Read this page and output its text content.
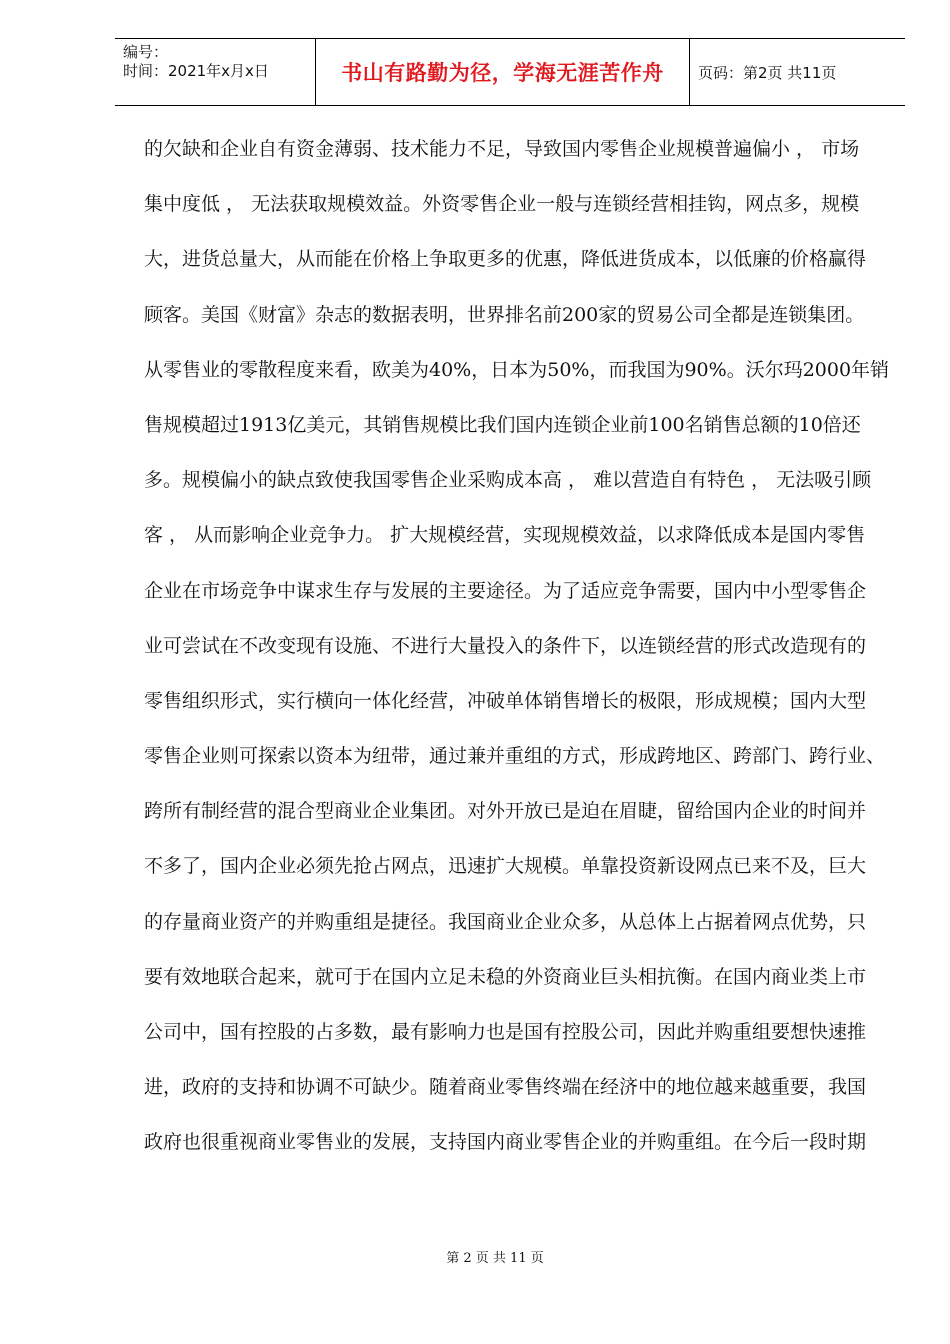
编号：
时间：2021年x月x日	书山有路勤为径，学海无涯苦作舟	页码：第2页 共11页
的欠缺和企业自有资金薄弱、技术能力不足，导致国内零售企业规模普遍偏小 ， 市场
集中度低 ， 无法获取规模效益。外资零售企业一般与连锁经营相挂钩，网点多，规模
大，进货总量大，从而能在价格上争取更多的优惠，降低进货成本，以低廉的价格赢得
顾客。美国《财富》杂志的数据表明，世界排名前200家的贸易公司全都是连锁集团。
从零售业的零散程度来看，欧美为40%，日本为50%，而我国为90%。沃尔玛2000年销
售规模超过1913亿美元，其销售规模比我们国内连锁企业前100名销售总额的10倍还
多。规模偏小的缺点致使我国零售企业采购成本高 ， 难以营造自有特色 ， 无法吸引顾
客 ， 从而影响企业竞争力。 扩大规模经营，实现规模效益，以求降低成本是国内零售
企业在市场竞争中谋求生存与发展的主要途径。为了适应竞争需要，国内中小型零售企
业可尝试在不改变现有设施、不进行大量投入的条件下，以连锁经营的形式改造现有的
零售组织形式，实行横向一体化经营，冲破单体销售增长的极限，形成规模；国内大型
零售企业则可探索以资本为纽带，通过兼并重组的方式，形成跨地区、跨部门、跨行业、
跨所有制经营的混合型商业企业集团。对外开放已是迫在眉睫，留给国内企业的时间并
不多了，国内企业必须先抢占网点，迅速扩大规模。单靠投资新设网点已来不及，巨大
的存量商业资产的并购重组是捷径。我国商业企业众多，从总体上占据着网点优势，只
要有效地联合起来，就可于在国内立足未稳的外资商业巨头相抗衡。在国内商业类上市
公司中，国有控股的占多数，最有影响力也是国有控股公司，因此并购重组要想快速推
进，政府的支持和协调不可缺少。随着商业零售终端在经济中的地位越来越重要，我国
政府也很重视商业零售业的发展，支持国内商业零售企业的并购重组。在今后一段时期
第 2 页 共 11 页
